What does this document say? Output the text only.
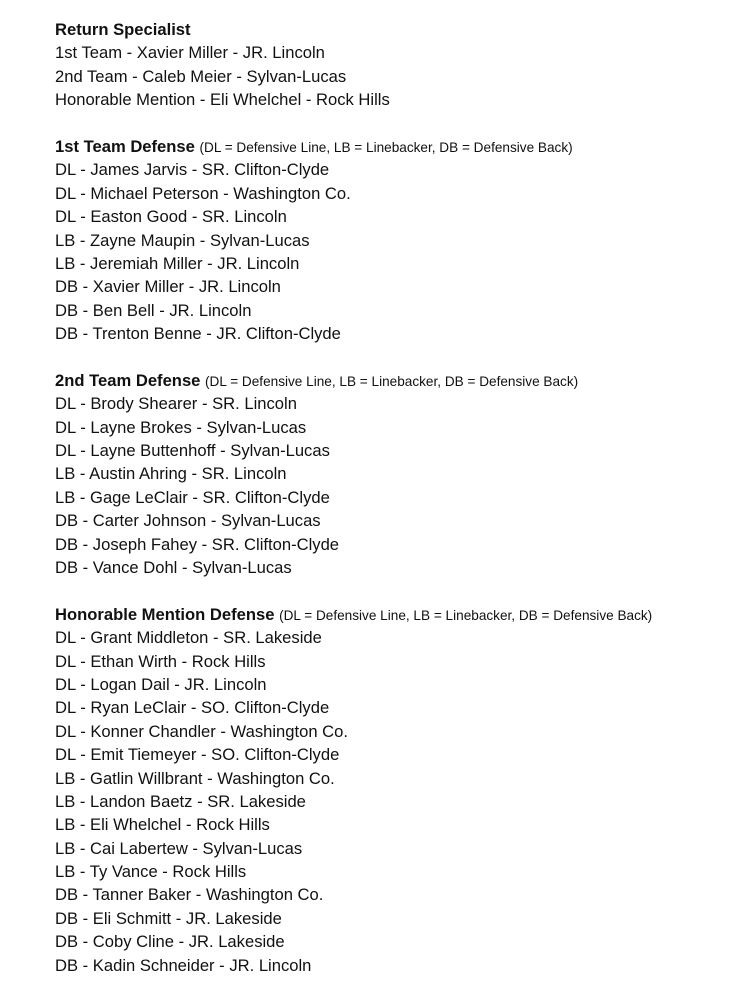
Return Specialist
1st Team - Xavier Miller - JR. Lincoln
2nd Team - Caleb Meier - Sylvan-Lucas
Honorable Mention - Eli Whelchel - Rock Hills
1st Team Defense (DL = Defensive Line, LB = Linebacker, DB = Defensive Back)
DL - James Jarvis - SR. Clifton-Clyde
DL - Michael Peterson - Washington Co.
DL - Easton Good - SR. Lincoln
LB - Zayne Maupin - Sylvan-Lucas
LB - Jeremiah Miller - JR. Lincoln
DB - Xavier Miller - JR. Lincoln
DB - Ben Bell - JR. Lincoln
DB - Trenton Benne - JR. Clifton-Clyde
2nd Team Defense (DL = Defensive Line, LB = Linebacker, DB = Defensive Back)
DL - Brody Shearer - SR. Lincoln
DL - Layne Brokes - Sylvan-Lucas
DL - Layne Buttenhoff - Sylvan-Lucas
LB - Austin Ahring - SR. Lincoln
LB - Gage LeClair - SR. Clifton-Clyde
DB - Carter Johnson - Sylvan-Lucas
DB - Joseph Fahey - SR. Clifton-Clyde
DB - Vance Dohl - Sylvan-Lucas
Honorable Mention Defense (DL = Defensive Line, LB = Linebacker, DB = Defensive Back)
DL - Grant Middleton - SR. Lakeside
DL - Ethan Wirth - Rock Hills
DL - Logan Dail - JR. Lincoln
DL - Ryan LeClair - SO. Clifton-Clyde
DL - Konner Chandler - Washington Co.
DL - Emit Tiemeyer - SO. Clifton-Clyde
LB - Gatlin Willbrant - Washington Co.
LB - Landon Baetz - SR. Lakeside
LB - Eli Whelchel - Rock Hills
LB - Cai Labertew - Sylvan-Lucas
LB - Ty Vance - Rock Hills
DB - Tanner Baker - Washington Co.
DB - Eli Schmitt - JR. Lakeside
DB - Coby Cline - JR. Lakeside
DB - Kadin Schneider - JR. Lincoln
